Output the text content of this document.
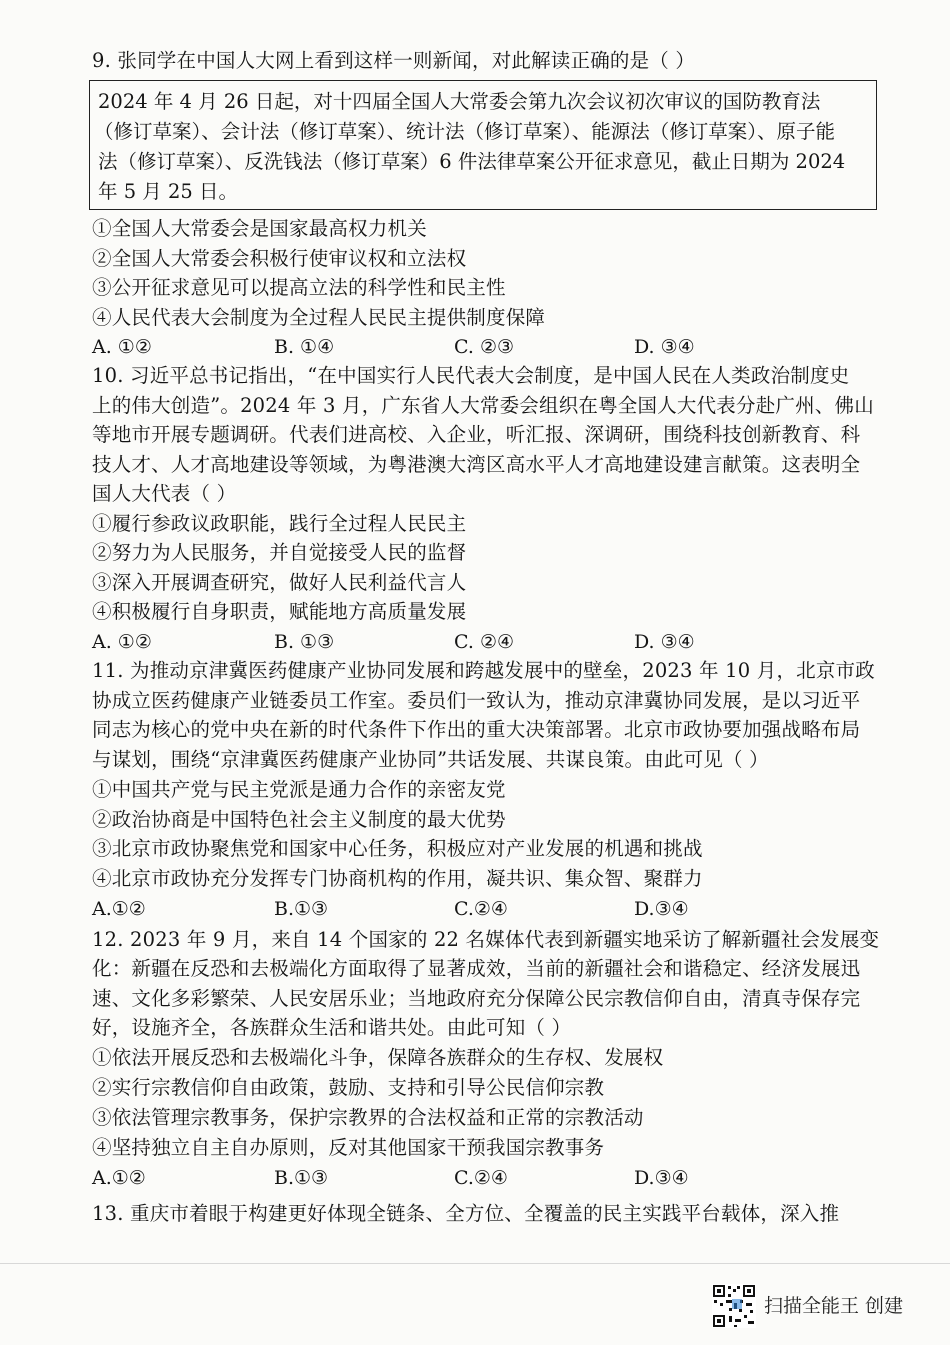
9. 张同学在中国人大网上看到这样一则新闻，对此解读正确的是（ ）
2024 年 4 月 26 日起，对十四届全国人大常委会第九次会议初次审议的国防教育法
（修订草案）、会计法（修订草案）、统计法（修订草案）、能源法（修订草案）、原子能
法（修订草案）、反洗钱法（修订草案）6 件法律草案公开征求意见，截止日期为 2024
年 5 月 25 日。
①全国人大常委会是国家最高权力机关
②全国人大常委会积极行使审议权和立法权
③公开征求意见可以提高立法的科学性和民主性
④人民代表大会制度为全过程人民民主提供制度保障
A. ①②	B. ①④	C. ②③	D. ③④
10. 习近平总书记指出，“在中国实行人民代表大会制度，是中国人民在人类政治制度史
上的伟大创造”。2024 年 3 月，广东省人大常委会组织在粤全国人大代表分赴广州、佛山
等地市开展专题调研。代表们进高校、入企业，听汇报、深调研，围绕科技创新教育、科
技人才、人才高地建设等领域，为粤港澳大湾区高水平人才高地建设建言献策。这表明全
国人大代表（ ）
①履行参政议政职能，践行全过程人民民主
②努力为人民服务，并自觉接受人民的监督
③深入开展调查研究，做好人民利益代言人
④积极履行自身职责，赋能地方高质量发展
A. ①②	B. ①③	C. ②④	D. ③④
11. 为推动京津冀医药健康产业协同发展和跨越发展中的壁垒，2023 年 10 月，北京市政
协成立医药健康产业链委员工作室。委员们一致认为，推动京津冀协同发展，是以习近平
同志为核心的党中央在新的时代条件下作出的重大决策部署。北京市政协要加强战略布局
与谋划，围绕“京津冀医药健康产业协同”共话发展、共谋良策。由此可见（ ）
①中国共产党与民主党派是通力合作的亲密友党
②政治协商是中国特色社会主义制度的最大优势
③北京市政协聚焦党和国家中心任务，积极应对产业发展的机遇和挑战
④北京市政协充分发挥专门协商机构的作用，凝共识、集众智、聚群力
A.①②	B.①③	C.②④	D.③④
12. 2023 年 9 月，来自 14 个国家的 22 名媒体代表到新疆实地采访了解新疆社会发展变
化：新疆在反恐和去极端化方面取得了显著成效，当前的新疆社会和谐稳定、经济发展迅
速、文化多彩繁荣、人民安居乐业；当地政府充分保障公民宗教信仰自由，清真寺保存完
好，设施齐全，各族群众生活和谐共处。由此可知（ ）
①依法开展反恐和去极端化斗争，保障各族群众的生存权、发展权
②实行宗教信仰自由政策，鼓励、支持和引导公民信仰宗教
③依法管理宗教事务，保护宗教界的合法权益和正常的宗教活动
④坚持独立自主自办原则，反对其他国家干预我国宗教事务
A.①②	B.①③	C.②④	D.③④
13. 重庆市着眼于构建更好体现全链条、全方位、全覆盖的民主实践平台载体，深入推
扫描全能王 创建
